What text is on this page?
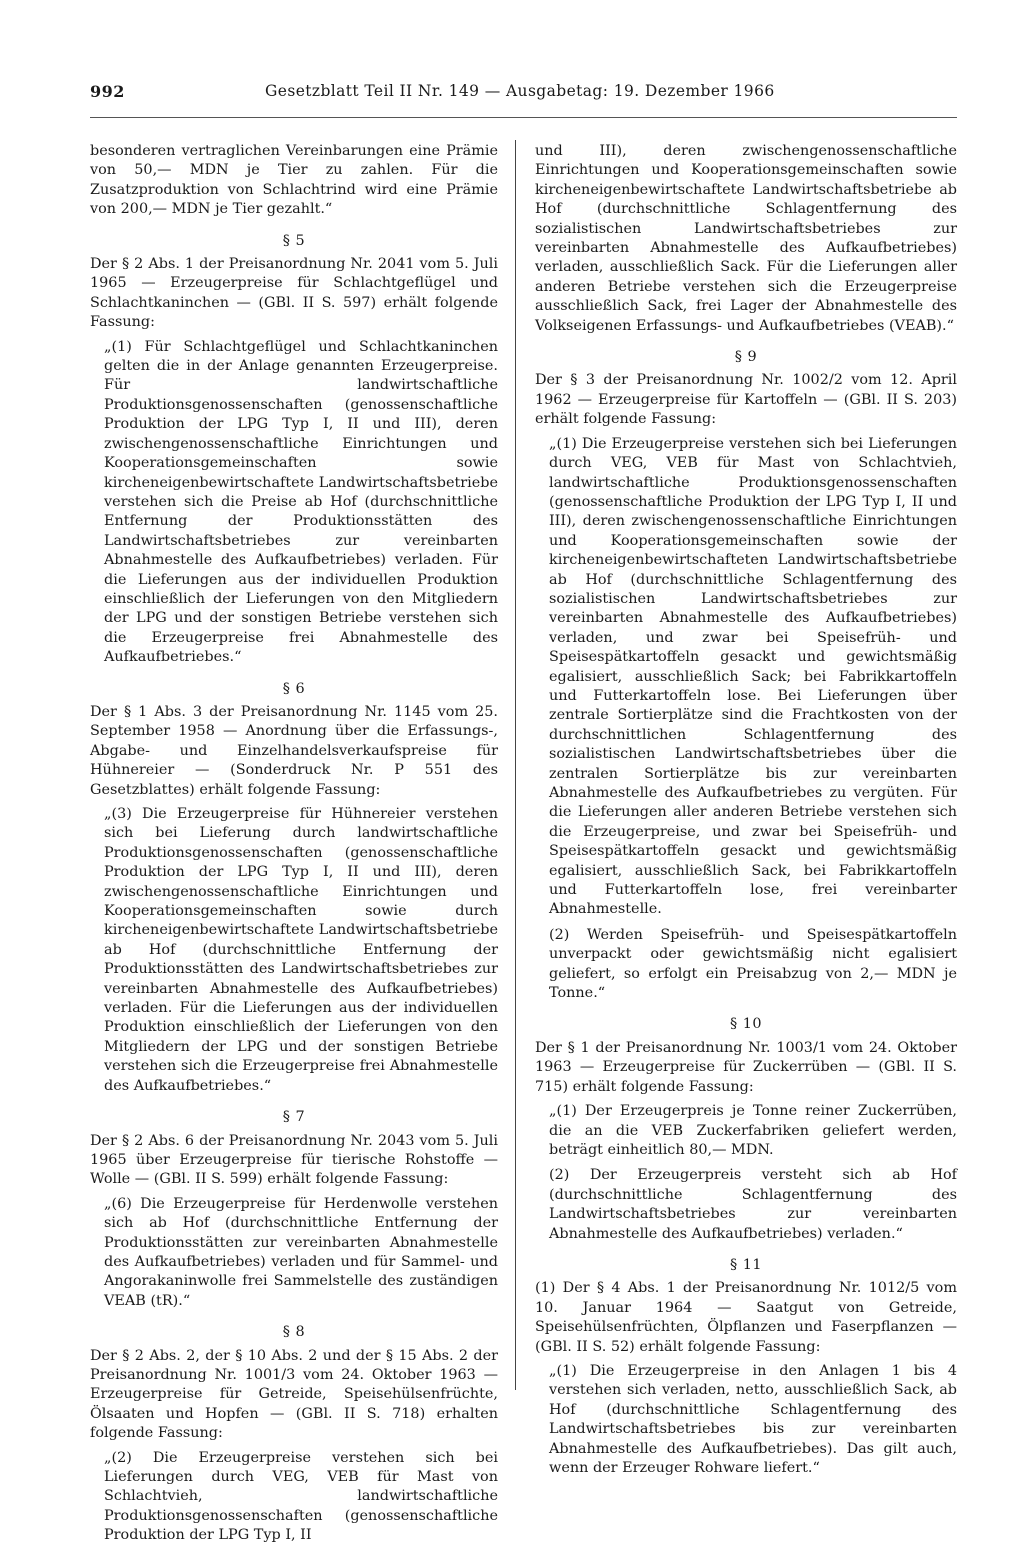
992	Gesetzblatt Teil II Nr. 149 — Ausgabetag: 19. Dezember 1966

besonderen vertraglichen Vereinbarungen eine Prämie von 50,— MDN je Tier zu zahlen. Für die Zusatzproduktion von Schlachtrind wird eine Prämie von 200,— MDN je Tier gezahlt.“

§ 5

Der § 2 Abs. 1 der Preisanordnung Nr. 2041 vom 5. Juli 1965 — Erzeugerpreise für Schlachtgeflügel und Schlachtkaninchen — (GBl. II S. 597) erhält folgende Fassung:

„(1) Für Schlachtgeflügel und Schlachtkaninchen gelten die in der Anlage genannten Erzeugerpreise. Für landwirtschaftliche Produktionsgenossenschaften (genossenschaftliche Produktion der LPG Typ I, II und III), deren zwischengenossenschaftliche Einrichtungen und Kooperationsgemeinschaften sowie kircheneigenbewirtschaftete Landwirtschaftsbetriebe verstehen sich die Preise ab Hof (durchschnittliche Entfernung der Produktionsstätten des Landwirtschaftsbetriebes zur vereinbarten Abnahmestelle des Aufkaufbetriebes) verladen. Für die Lieferungen aus der individuellen Produktion einschließlich der Lieferungen von den Mitgliedern der LPG und der sonstigen Betriebe verstehen sich die Erzeugerpreise frei Abnahmestelle des Aufkaufbetriebes.“

§ 6

Der § 1 Abs. 3 der Preisanordnung Nr. 1145 vom 25. September 1958 — Anordnung über die Erfassungs-, Abgabe- und Einzelhandelsverkaufspreise für Hühnereier — (Sonderdruck Nr. P 551 des Gesetzblattes) erhält folgende Fassung:

„(3) Die Erzeugerpreise für Hühnereier verstehen sich bei Lieferung durch landwirtschaftliche Produktionsgenossenschaften (genossenschaftliche Produktion der LPG Typ I, II und III), deren zwischengenossenschaftliche Einrichtungen und Kooperationsgemeinschaften sowie durch kircheneigenbewirtschaftete Landwirtschaftsbetriebe ab Hof (durchschnittliche Entfernung der Produktionsstätten des Landwirtschaftsbetriebes zur vereinbarten Abnahmestelle des Aufkaufbetriebes) verladen. Für die Lieferungen aus der individuellen Produktion einschließlich der Lieferungen von den Mitgliedern der LPG und der sonstigen Betriebe verstehen sich die Erzeugerpreise frei Abnahmestelle des Aufkaufbetriebes.“

§ 7

Der § 2 Abs. 6 der Preisanordnung Nr. 2043 vom 5. Juli 1965 über Erzeugerpreise für tierische Rohstoffe — Wolle — (GBl. II S. 599) erhält folgende Fassung:

„(6) Die Erzeugerpreise für Herdenwolle verstehen sich ab Hof (durchschnittliche Entfernung der Produktionsstätten zur vereinbarten Abnahmestelle des Aufkaufbetriebes) verladen und für Sammel- und Angorakaninwolle frei Sammelstelle des zuständigen VEAB (tR).“

§ 8

Der § 2 Abs. 2, der § 10 Abs. 2 und der § 15 Abs. 2 der Preisanordnung Nr. 1001/3 vom 24. Oktober 1963 — Erzeugerpreise für Getreide, Speisehülsenfrüchte, Ölsaaten und Hopfen — (GBl. II S. 718) erhalten folgende Fassung:

„(2) Die Erzeugerpreise verstehen sich bei Lieferungen durch VEG, VEB für Mast von Schlachtvieh, landwirtschaftliche Produktionsgenossenschaften (genossenschaftliche Produktion der LPG Typ I, II

und III), deren zwischengenossenschaftliche Einrichtungen und Kooperationsgemeinschaften sowie kircheneigenbewirtschaftete Landwirtschaftsbetriebe ab Hof (durchschnittliche Schlagentfernung des sozialistischen Landwirtschaftsbetriebes zur vereinbarten Abnahmestelle des Aufkaufbetriebes) verladen, ausschließlich Sack. Für die Lieferungen aller anderen Betriebe verstehen sich die Erzeugerpreise ausschließlich Sack, frei Lager der Abnahmestelle des Volkseigenen Erfassungs- und Aufkaufbetriebes (VEAB).“

§ 9

Der § 3 der Preisanordnung Nr. 1002/2 vom 12. April 1962 — Erzeugerpreise für Kartoffeln — (GBl. II S. 203) erhält folgende Fassung:

„(1) Die Erzeugerpreise verstehen sich bei Lieferungen durch VEG, VEB für Mast von Schlachtvieh, landwirtschaftliche Produktionsgenossenschaften (genossenschaftliche Produktion der LPG Typ I, II und III), deren zwischengenossenschaftliche Einrichtungen und Kooperationsgemeinschaften sowie der kircheneigenbewirtschafteten Landwirtschaftsbetriebe ab Hof (durchschnittliche Schlagentfernung des sozialistischen Landwirtschaftsbetriebes zur vereinbarten Abnahmestelle des Aufkaufbetriebes) verladen, und zwar bei Speisefrüh- und Speisespätkartoffeln gesackt und gewichtsmäßig egalisiert, ausschließlich Sack; bei Fabrikkartoffeln und Futterkartoffeln lose. Bei Lieferungen über zentrale Sortierplätze sind die Frachtkosten von der durchschnittlichen Schlagentfernung des sozialistischen Landwirtschaftsbetriebes über die zentralen Sortierplätze bis zur vereinbarten Abnahmestelle des Aufkaufbetriebes zu vergüten. Für die Lieferungen aller anderen Betriebe verstehen sich die Erzeugerpreise, und zwar bei Speisefrüh- und Speisespätkartoffeln gesackt und gewichtsmäßig egalisiert, ausschließlich Sack, bei Fabrikkartoffeln und Futterkartoffeln lose, frei vereinbarter Abnahmestelle.

(2) Werden Speisefrüh- und Speisespätkartoffeln unverpackt oder gewichtsmäßig nicht egalisiert geliefert, so erfolgt ein Preisabzug von 2,— MDN je Tonne.“

§ 10

Der § 1 der Preisanordnung Nr. 1003/1 vom 24. Oktober 1963 — Erzeugerpreise für Zuckerrüben — (GBl. II S. 715) erhält folgende Fassung:

„(1) Der Erzeugerpreis je Tonne reiner Zuckerrüben, die an die VEB Zuckerfabriken geliefert werden, beträgt einheitlich 80,— MDN.

(2) Der Erzeugerpreis versteht sich ab Hof (durchschnittliche Schlagentfernung des Landwirtschaftsbetriebes zur vereinbarten Abnahmestelle des Aufkaufbetriebes) verladen.“

§ 11

(1) Der § 4 Abs. 1 der Preisanordnung Nr. 1012/5 vom 10. Januar 1964 — Saatgut von Getreide, Speisehülsenfrüchten, Ölpflanzen und Faserpflanzen — (GBl. II S. 52) erhält folgende Fassung:

„(1) Die Erzeugerpreise in den Anlagen 1 bis 4 verstehen sich verladen, netto, ausschließlich Sack, ab Hof (durchschnittliche Schlagentfernung des Landwirtschaftsbetriebes bis zur vereinbarten Abnahmestelle des Aufkaufbetriebes). Das gilt auch, wenn der Erzeuger Rohware liefert.“
